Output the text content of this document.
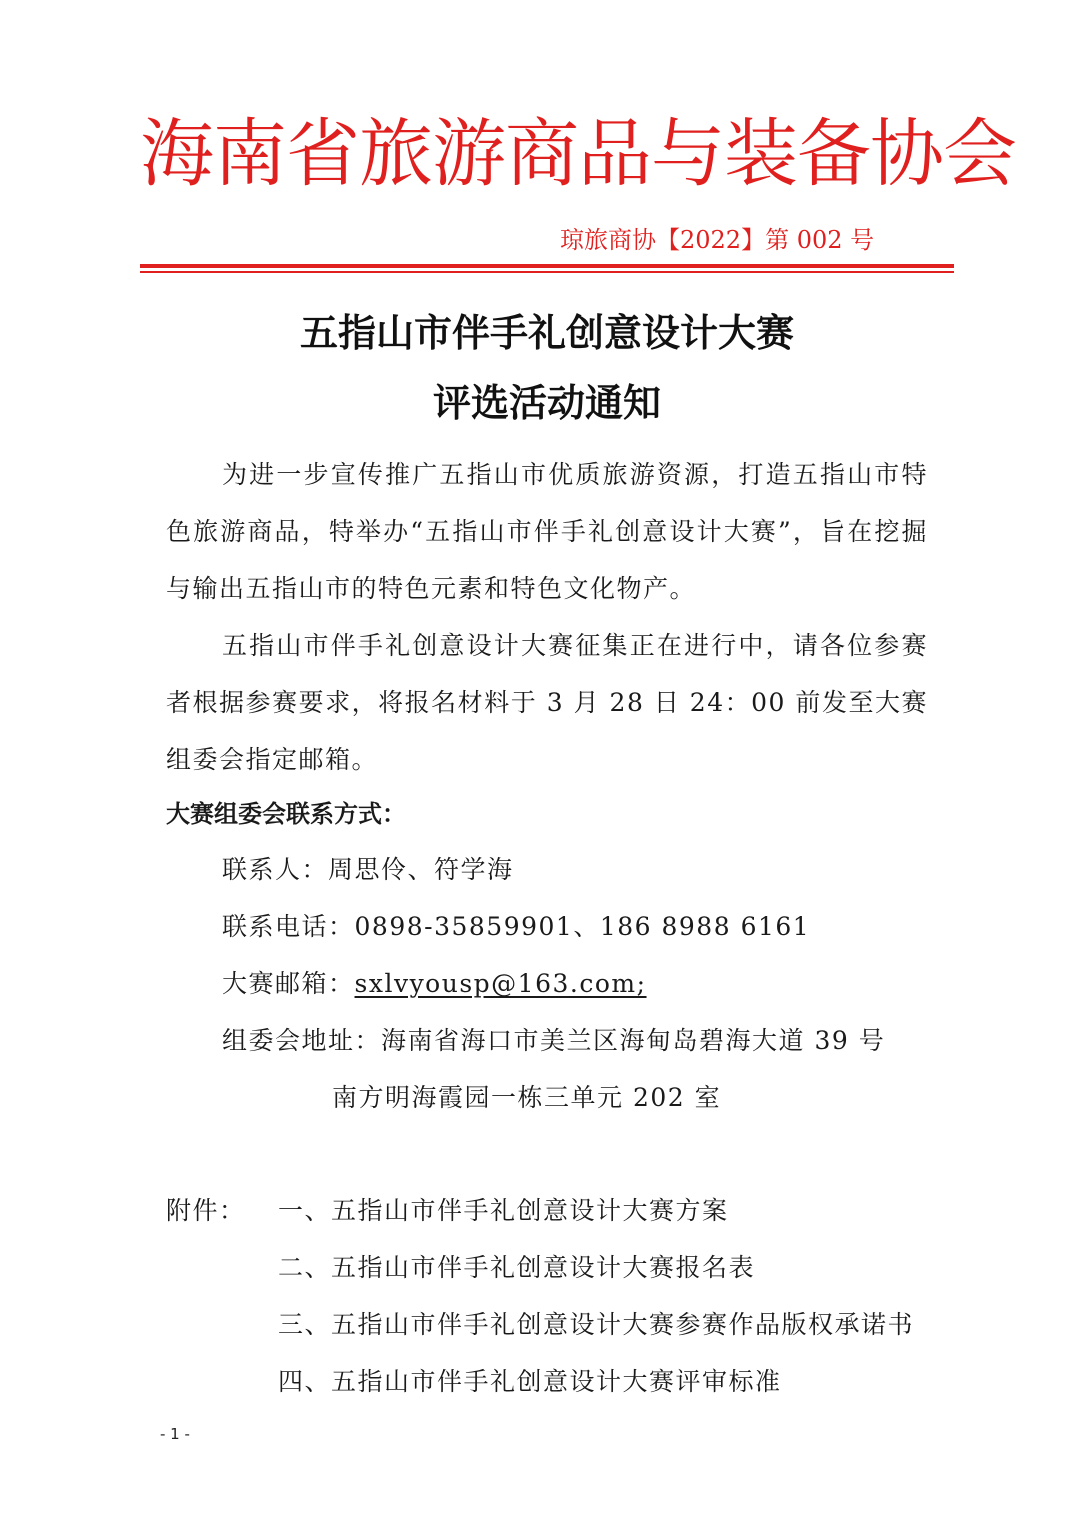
海南省旅游商品与装备协会
琼旅商协【2022】第 002 号
五指山市伴手礼创意设计大赛
评选活动通知
为进一步宣传推广五指山市优质旅游资源，打造五指山市特色旅游商品，特举办“五指山市伴手礼创意设计大赛”，旨在挖掘与输出五指山市的特色元素和特色文化物产。
五指山市伴手礼创意设计大赛征集正在进行中，请各位参赛者根据参赛要求，将报名材料于 3 月 28 日 24：00 前发至大赛组委会指定邮箱。
大赛组委会联系方式：
联系人：周思伶、符学海
联系电话：0898-35859901、186 8988 6161
大赛邮箱：sxlvyousp@163.com;
组委会地址：海南省海口市美兰区海甸岛碧海大道 39 号
南方明海霞园一栋三单元 202 室
附件： 一、五指山市伴手礼创意设计大赛方案
二、五指山市伴手礼创意设计大赛报名表
三、五指山市伴手礼创意设计大赛参赛作品版权承诺书
四、五指山市伴手礼创意设计大赛评审标准
- 1 -
